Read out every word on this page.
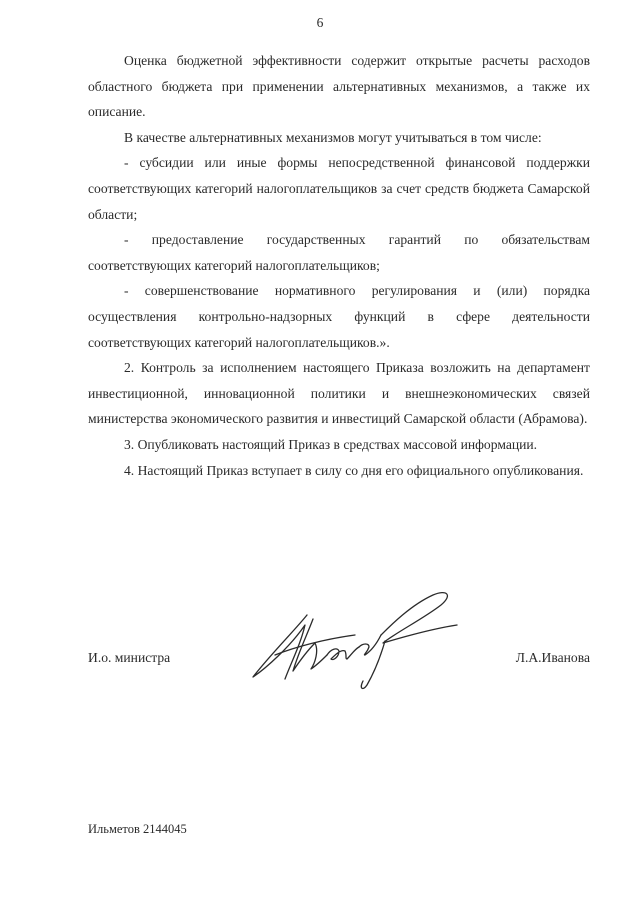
6

Оценка бюджетной эффективности содержит открытые расчеты расходов областного бюджета при применении альтернативных механизмов, а также их описание.

В качестве альтернативных механизмов могут учитываться в том числе:

- субсидии или иные формы непосредственной финансовой поддержки соответствующих категорий налогоплательщиков за счет средств бюджета Самарской области;

- предоставление государственных гарантий по обязательствам соответствующих категорий налогоплательщиков;

- совершенствование нормативного регулирования и (или) порядка осуществления контрольно-надзорных функций в сфере деятельности соответствующих категорий налогоплательщиков.».

2. Контроль за исполнением настоящего Приказа возложить на департамент инвестиционной, инновационной политики и внешнеэкономических связей министерства экономического развития и инвестиций Самарской области (Абрамова).

3. Опубликовать настоящий Приказ в средствах массовой информации.

4. Настоящий Приказ вступает в силу со дня его официального опубликования.

И.о. министра	Л.А.Иванова
Ильметов 2144045
